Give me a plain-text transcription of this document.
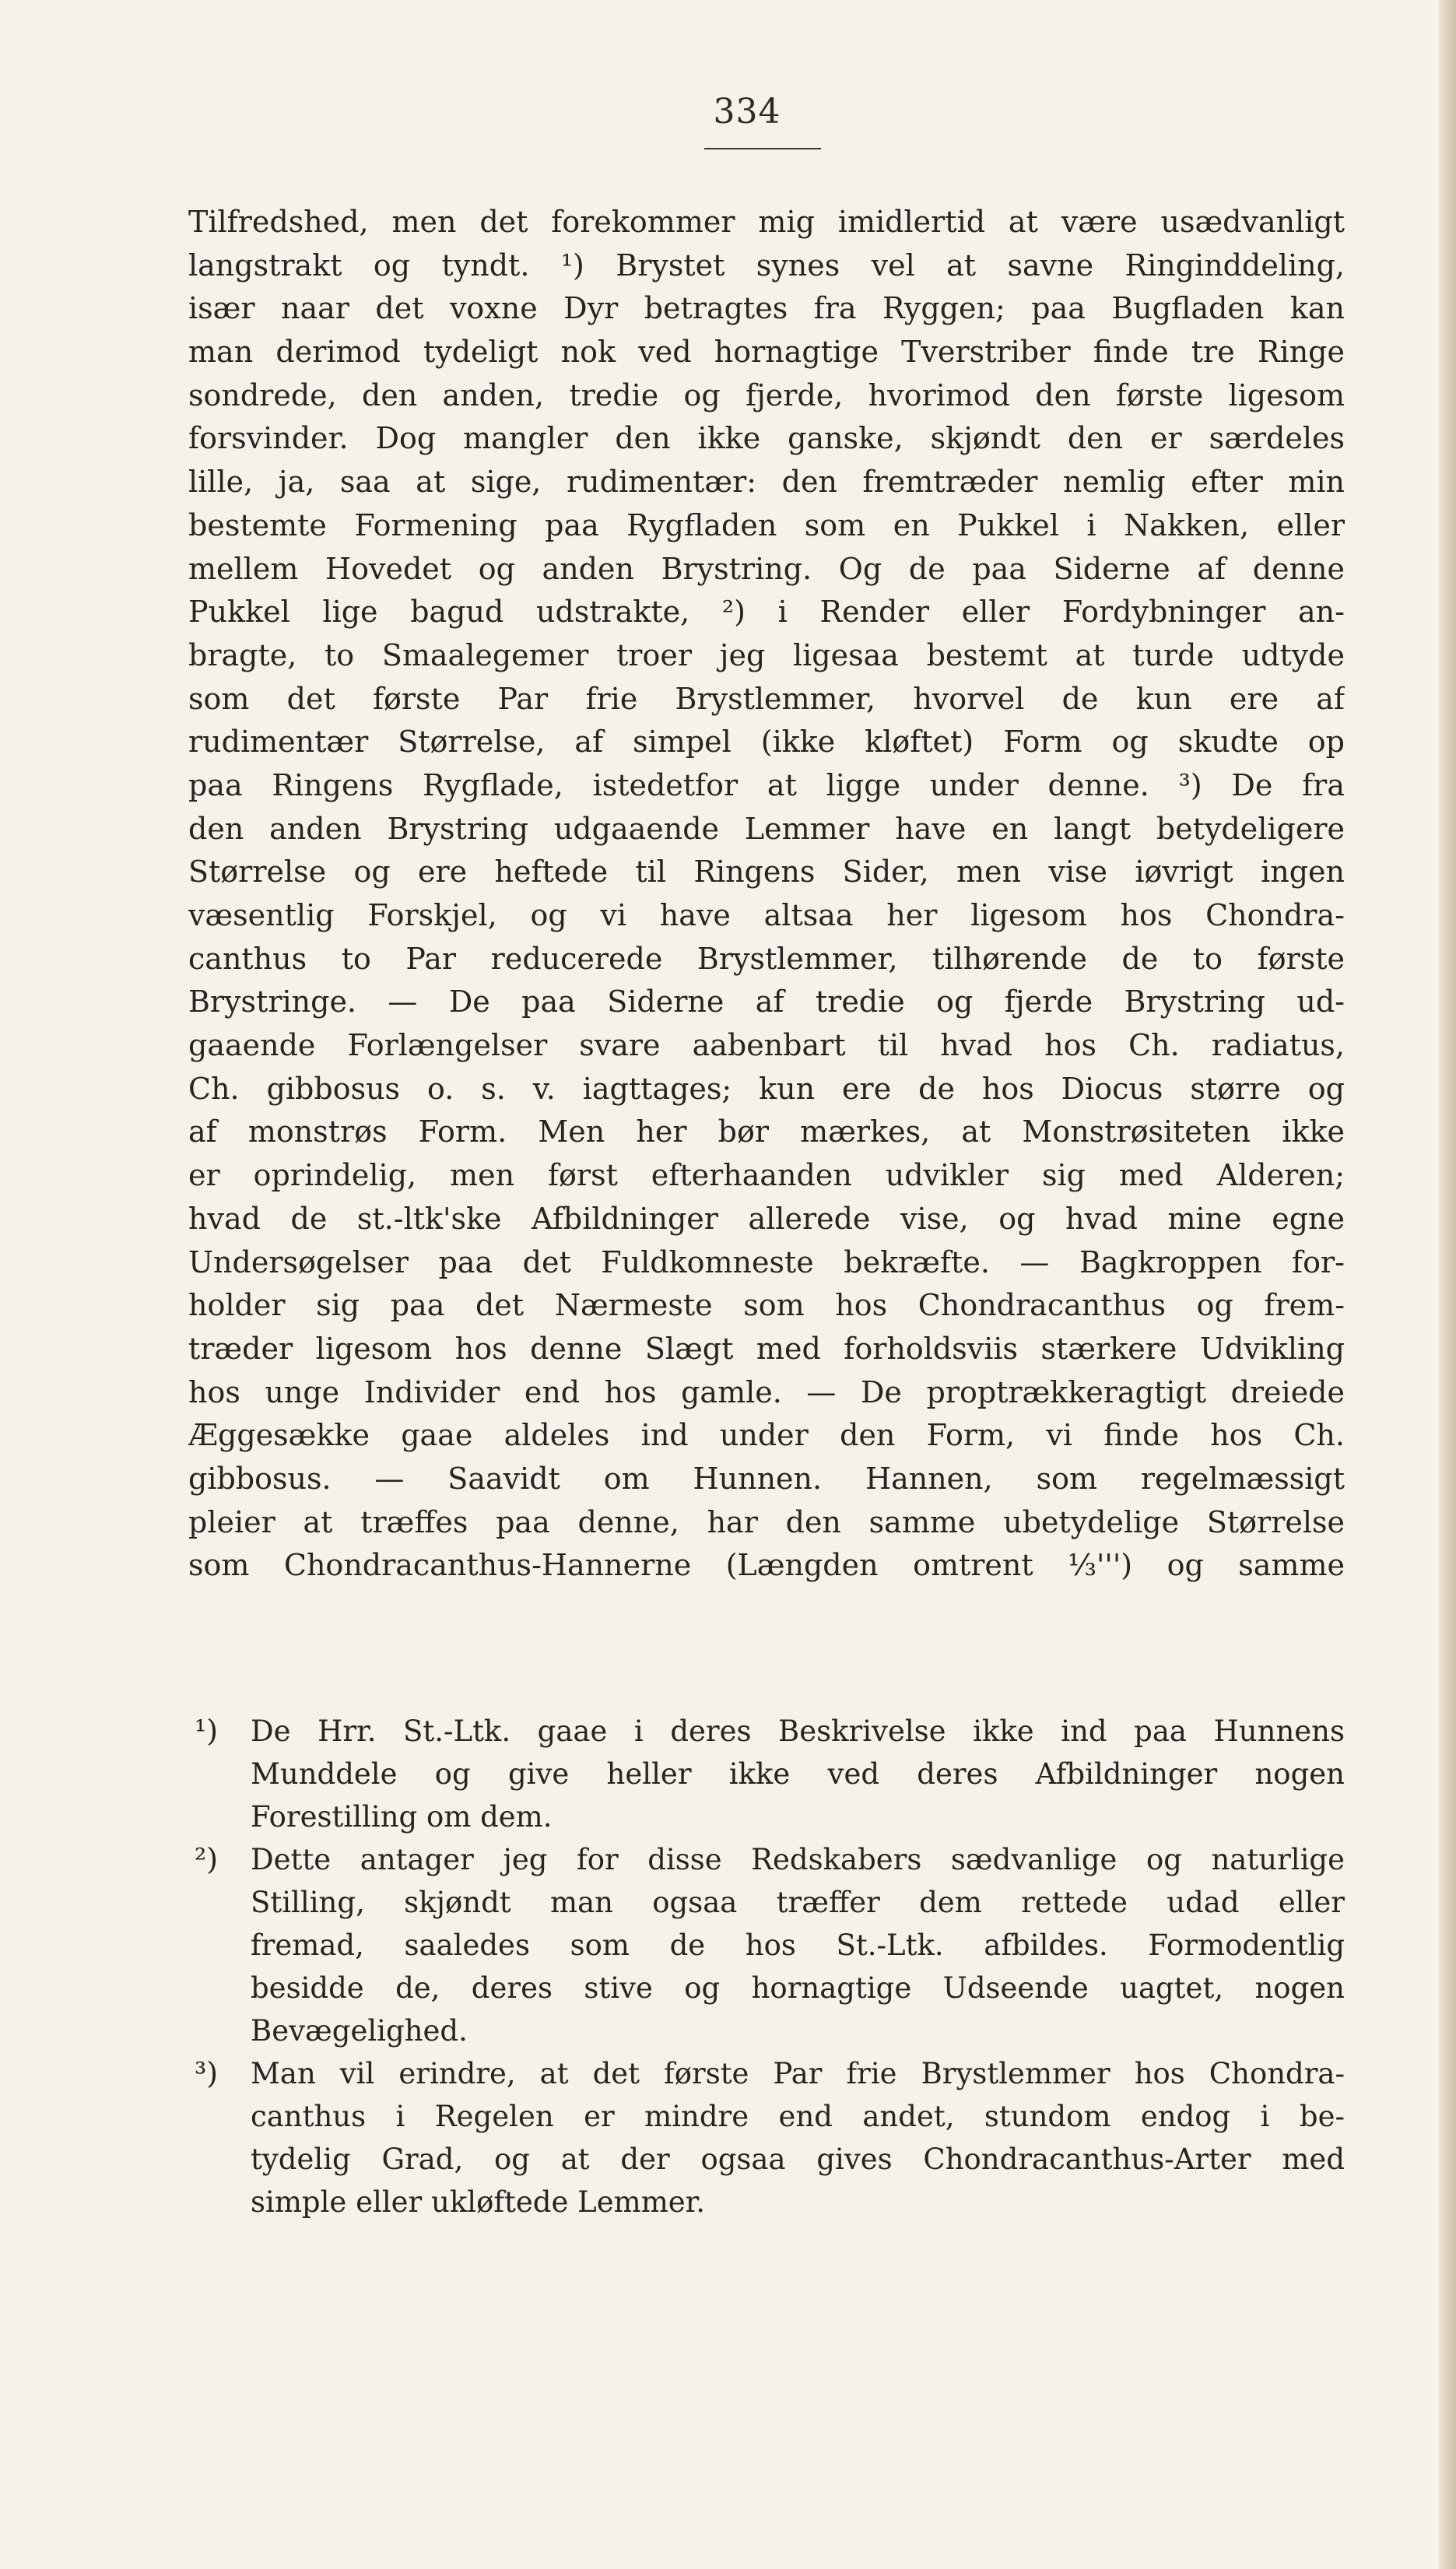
334
Tilfredshed, men det forekommer mig imidlertid at være usædvanligt
langstrakt og tyndt. ¹) Brystet synes vel at savne Ringinddeling,
især naar det voxne Dyr betragtes fra Ryggen; paa Bugfladen kan
man derimod tydeligt nok ved hornagtige Tverstriber finde tre Ringe
sondrede, den anden, tredie og fjerde, hvorimod den første ligesom
forsvinder. Dog mangler den ikke ganske, skjøndt den er særdeles
lille, ja, saa at sige, rudimentær: den fremtræder nemlig efter min
bestemte Formening paa Rygfladen som en Pukkel i Nakken, eller
mellem Hovedet og anden Brystring. Og de paa Siderne af denne
Pukkel lige bagud udstrakte, ²) i Render eller Fordybninger an-
bragte, to Smaalegemer troer jeg ligesaa bestemt at turde udtyde
som det første Par frie Brystlemmer, hvorvel de kun ere af
rudimentær Størrelse, af simpel (ikke kløftet) Form og skudte op
paa Ringens Rygflade, istedetfor at ligge under denne. ³) De fra
den anden Brystring udgaaende Lemmer have en langt betydeligere
Størrelse og ere heftede til Ringens Sider, men vise iøvrigt ingen
væsentlig Forskjel, og vi have altsaa her ligesom hos Chondra-
canthus to Par reducerede Brystlemmer, tilhørende de to første
Brystringe. — De paa Siderne af tredie og fjerde Brystring ud-
gaaende Forlængelser svare aabenbart til hvad hos Ch. radiatus,
Ch. gibbosus o. s. v. iagttages; kun ere de hos Diocus større og
af monstrøs Form. Men her bør mærkes, at Monstrøsiteten ikke
er oprindelig, men først efterhaanden udvikler sig med Alderen;
hvad de st.-ltk'ske Afbildninger allerede vise, og hvad mine egne
Undersøgelser paa det Fuldkomneste bekræfte. — Bagkroppen for-
holder sig paa det Nærmeste som hos Chondracanthus og frem-
træder ligesom hos denne Slægt med forholdsviis stærkere Udvikling
hos unge Individer end hos gamle. — De proptrækkeragtigt dreiede
Æggesække gaae aldeles ind under den Form, vi finde hos Ch.
gibbosus. — Saavidt om Hunnen. Hannen, som regelmæssigt
pleier at træffes paa denne, har den samme ubetydelige Størrelse
som Chondracanthus-Hannerne (Længden omtrent ⅓''') og samme
¹) De Hrr. St.-Ltk. gaae i deres Beskrivelse ikke ind paa Hunnens
Munddele og give heller ikke ved deres Afbildninger nogen
Forestilling om dem.
²) Dette antager jeg for disse Redskabers sædvanlige og naturlige
Stilling, skjøndt man ogsaa træffer dem rettede udad eller
fremad, saaledes som de hos St.-Ltk. afbildes. Formodentlig
besidde de, deres stive og hornagtige Udseende uagtet, nogen
Bevægelighed.
³) Man vil erindre, at det første Par frie Brystlemmer hos Chondra-
canthus i Regelen er mindre end andet, stundom endog i be-
tydelig Grad, og at der ogsaa gives Chondracanthus-Arter med
simple eller ukløftede Lemmer.
